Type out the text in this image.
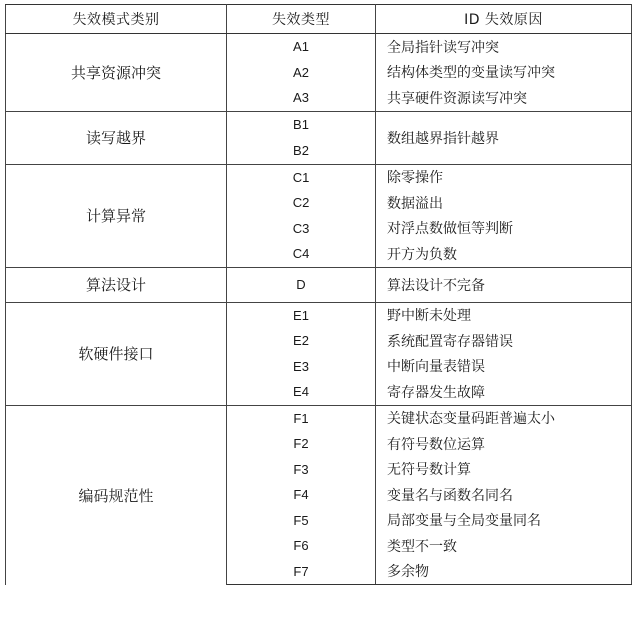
失效模式类别	失效类型	ID 失效原因
共享资源冲突	A1	全局指针读写冲突
	A2	结构体类型的变量读写冲突
	A3	共享硬件资源读写冲突
读写越界	B1	数组越界指针越界
	B2	
计算异常	C1	除零操作
	C2	数据溢出
	C3	对浮点数做恒等判断
	C4	开方为负数
算法设计	D	算法设计不完备
软硬件接口	E1	野中断未处理
	E2	系统配置寄存器错误
	E3	中断向量表错误
	E4	寄存器发生故障
编码规范性	F1	关键状态变量码距普遍太小
	F2	有符号数位运算
	F3	无符号数计算
	F4	变量名与函数名同名
	F5	局部变量与全局变量同名
	F6	类型不一致
	F7	多余物
